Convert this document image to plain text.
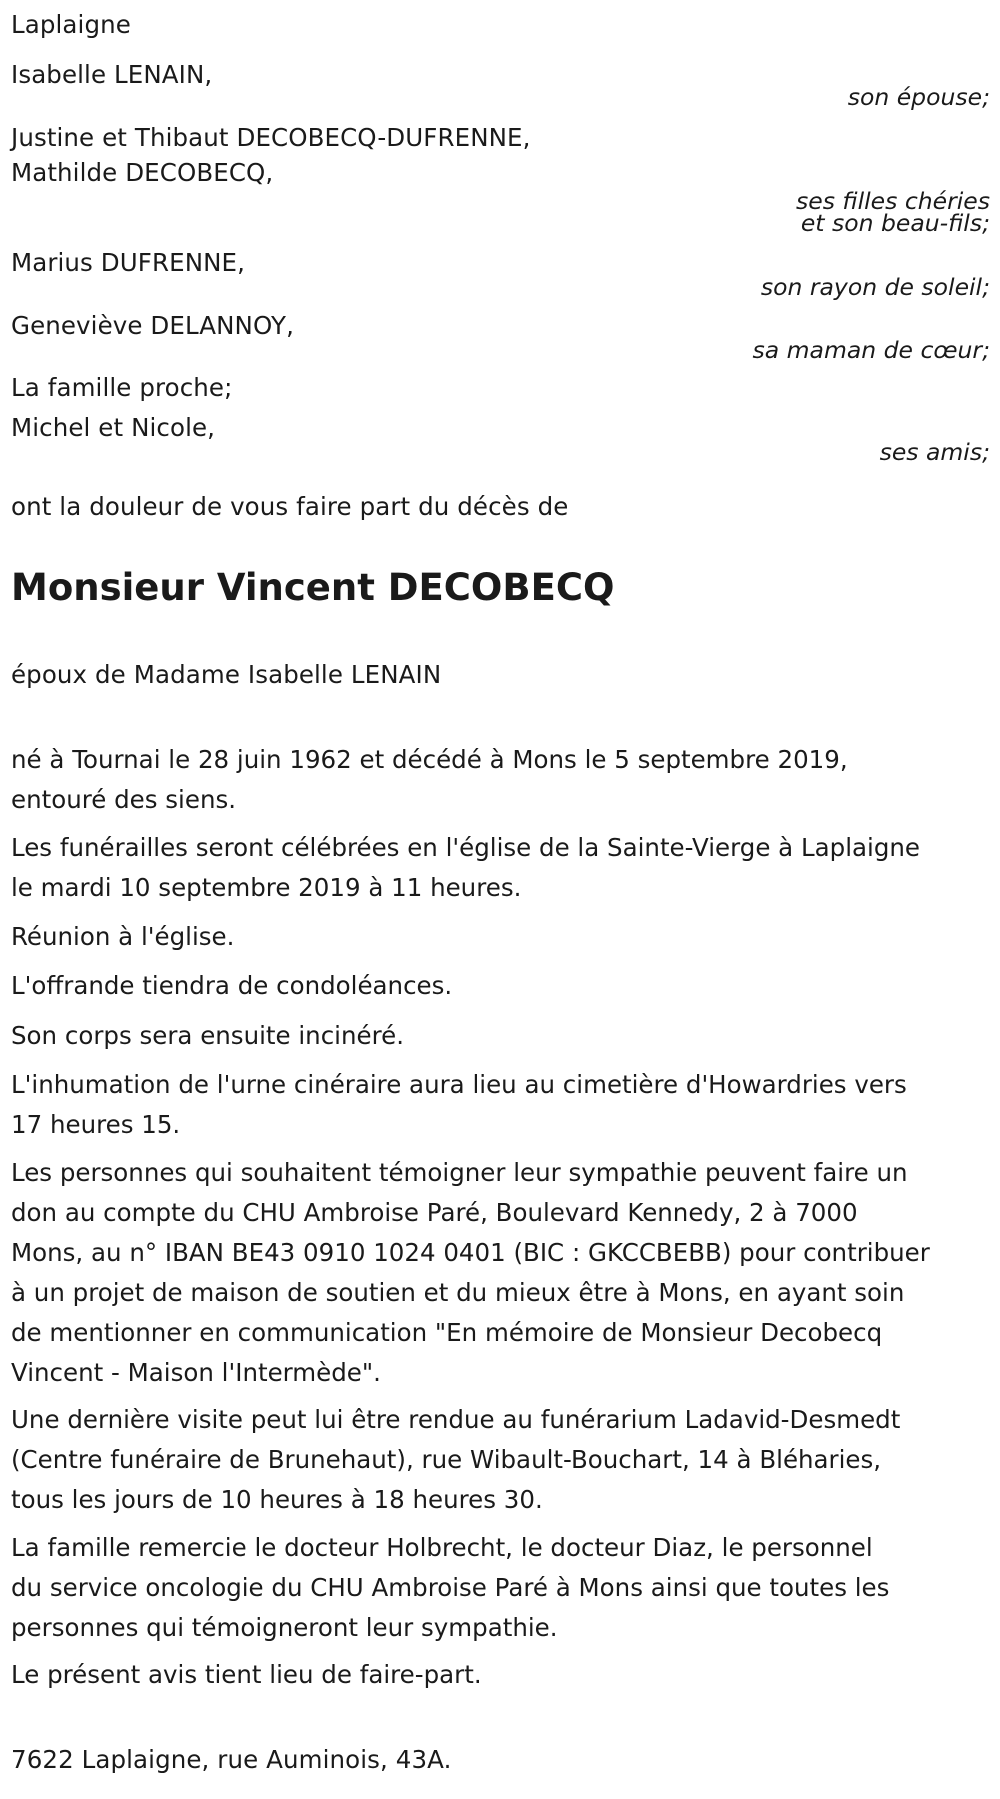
Laplaigne
Isabelle LENAIN,
son épouse;
Justine et Thibaut DECOBECQ-DUFRENNE,
Mathilde DECOBECQ,
ses filles chéries
et son beau-fils;
Marius DUFRENNE,
son rayon de soleil;
Geneviève DELANNOY,
sa maman de cœur;
La famille proche;
Michel et Nicole,
ses amis;
ont la douleur de vous faire part du décès de
Monsieur Vincent DECOBECQ
époux de Madame Isabelle LENAIN
né à Tournai le 28 juin 1962 et décédé à Mons le 5 septembre 2019,
entouré des siens.
Les funérailles seront célébrées en l'église de la Sainte-Vierge à Laplaigne
le mardi 10 septembre 2019 à 11 heures.
Réunion à l'église.
L'offrande tiendra de condoléances.
Son corps sera ensuite incinéré.
L'inhumation de l'urne cinéraire aura lieu au cimetière d'Howardries vers
17 heures 15.
Les personnes qui souhaitent témoigner leur sympathie peuvent faire un
don au compte du CHU Ambroise Paré, Boulevard Kennedy, 2 à 7000
Mons, au n° IBAN BE43 0910 1024 0401 (BIC : GKCCBEBB) pour contribuer
à un projet de maison de soutien et du mieux être à Mons, en ayant soin
de mentionner en communication "En mémoire de Monsieur Decobecq
Vincent - Maison l'Intermède".
Une dernière visite peut lui être rendue au funérarium Ladavid-Desmedt
(Centre funéraire de Brunehaut), rue Wibault-Bouchart, 14 à Bléharies,
tous les jours de 10 heures à 18 heures 30.
La famille remercie le docteur Holbrecht, le docteur Diaz, le personnel
du service oncologie du CHU Ambroise Paré à Mons ainsi que toutes les
personnes qui témoigneront leur sympathie.
Le présent avis tient lieu de faire-part.
7622 Laplaigne, rue Auminois, 43A.
